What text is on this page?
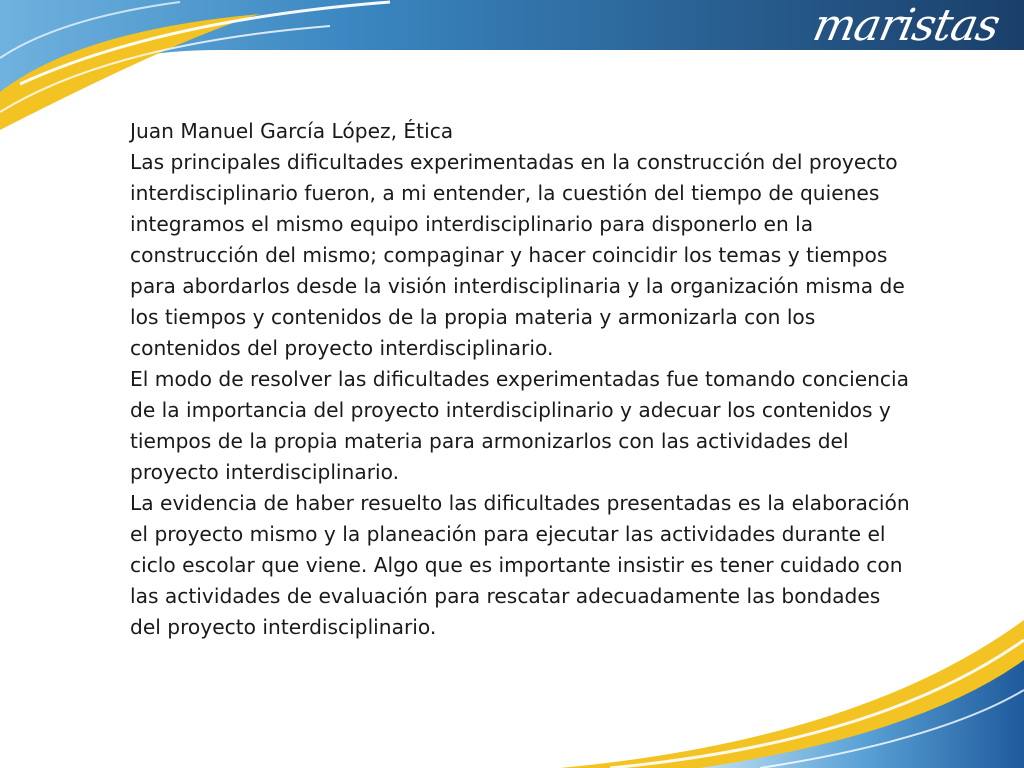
maristas

Juan Manuel García López, Ética

Las principales dificultades experimentadas en la construcción del proyecto interdisciplinario fueron, a mi entender, la cuestión del tiempo de quienes integramos el mismo equipo interdisciplinario para disponerlo en la construcción del mismo; compaginar y hacer coincidir los temas y tiempos para abordarlos desde la visión interdisciplinaria y la organización misma de los tiempos y contenidos de la propia materia y armonizarla con los contenidos del proyecto interdisciplinario.

El modo de resolver las dificultades experimentadas fue tomando conciencia de la importancia del proyecto interdisciplinario y adecuar los contenidos y tiempos de la propia materia para armonizarlos con las actividades del proyecto interdisciplinario.

La evidencia de haber resuelto las dificultades presentadas es la elaboración el proyecto mismo y la planeación para ejecutar las actividades durante el ciclo escolar que viene. Algo que es importante insistir es tener cuidado con las actividades de evaluación para rescatar adecuadamente las bondades del proyecto interdisciplinario.
